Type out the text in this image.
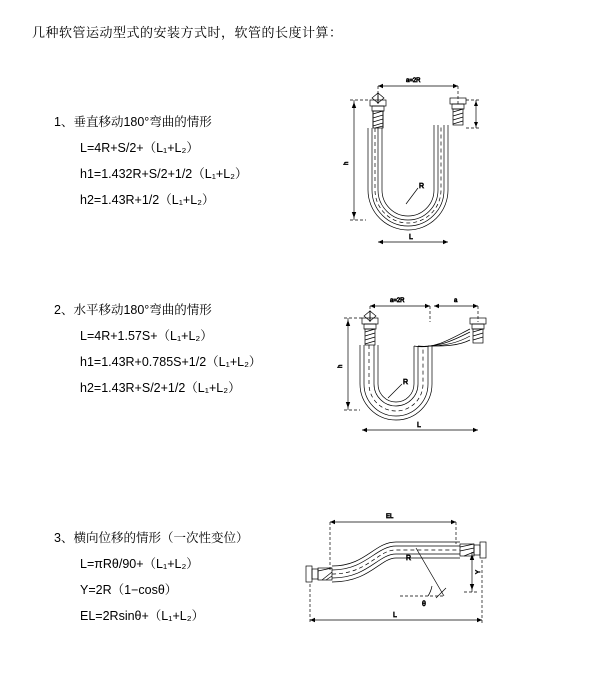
几种软管运动型式的安装方式时，软管的长度计算：
1、垂直移动180°弯曲的情形
L=4R+S/2+（L₁+L₂）
h1=1.432R+S/2+1/2（L₁+L₂）
h2=1.43R+1/2（L₁+L₂）
a=2R
R
h
L
2、水平移动180°弯曲的情形
L=4R+1.57S+（L₁+L₂）
h1=1.43R+0.785S+1/2（L₁+L₂）
h2=1.43R+S/2+1/2（L₁+L₂）
a=2R	a
R
h
L
3、横向位移的情形（一次性变位）
L=πRθ/90+（L₁+L₂）
Y=2R（1−cosθ）
EL=2Rsinθ+（L₁+L₂）
EL
Y
θ
R
L
